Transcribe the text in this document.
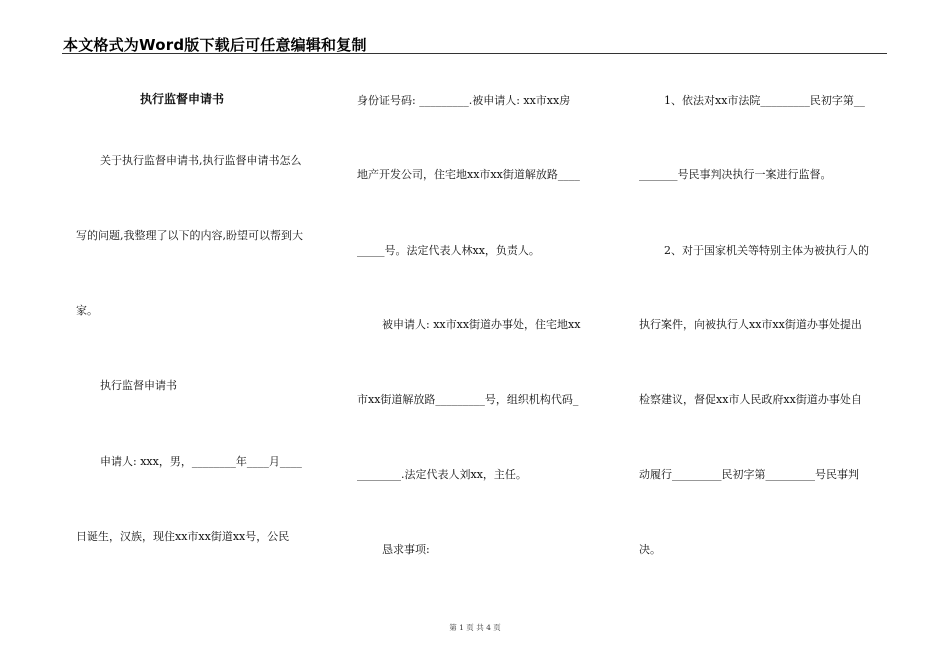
本文格式为Word版下载后可任意编辑和复制
执行监督申请书
关于执行监督申请书,执行监督申请书怎么
写的问题,我整理了以下的内容,盼望可以帮到大
家。
执行监督申请书
申请人: xxx，男，________年____月____
日诞生，汉族，现住xx市xx街道xx号，公民
身份证号码: _________.被申请人: xx市xx房
地产开发公司，住宅地xx市xx街道解放路____
_____号。法定代表人林xx，负责人。
被申请人: xx市xx街道办事处，住宅地xx
市xx街道解放路_________号，组织机构代码_
________.法定代表人刘xx，主任。
恳求事项:
1、依法对xx市法院_________民初字第__
_______号民事判决执行一案进行监督。
2、对于国家机关等特别主体为被执行人的
执行案件，向被执行人xx市xx街道办事处提出
检察建议，督促xx市人民政府xx街道办事处自
动履行_________民初字第_________号民事判
决。
第 1 页 共 4 页
